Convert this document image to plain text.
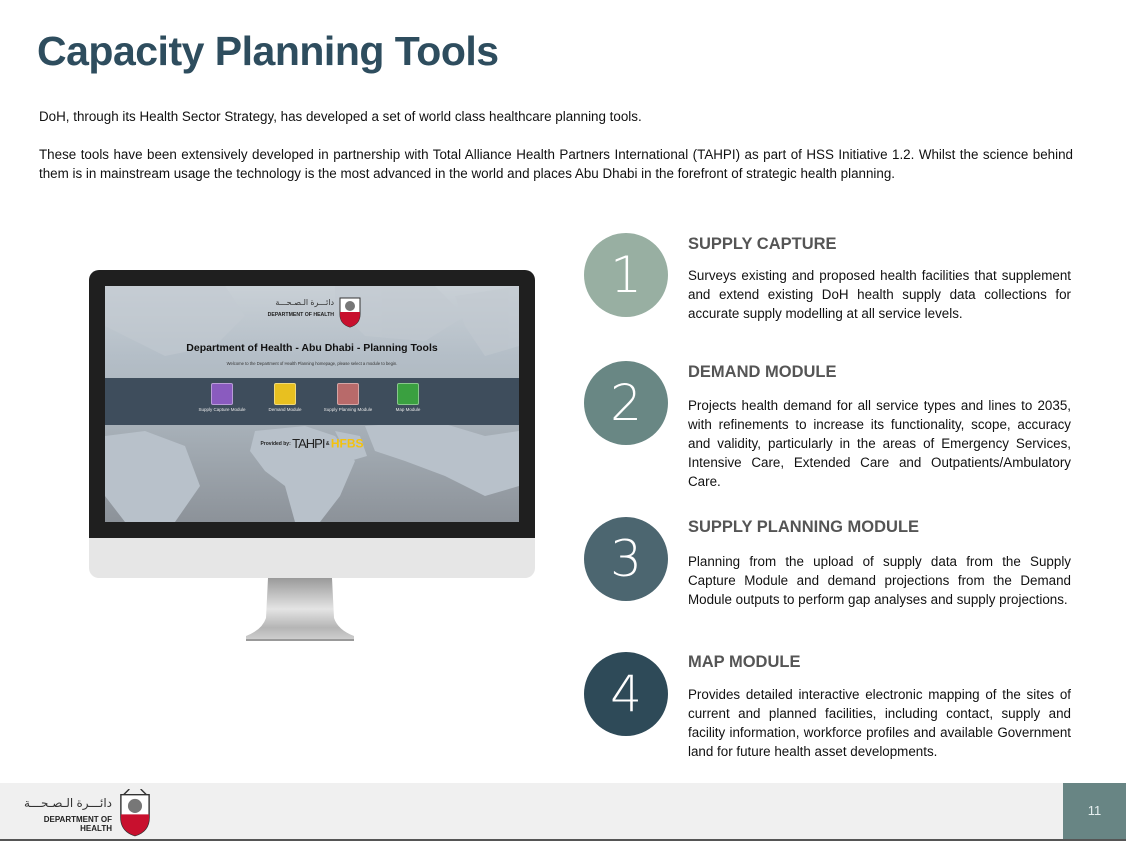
Capacity Planning Tools

DoH, through its Health Sector Strategy, has developed a set of world class healthcare planning tools.

These tools have been extensively developed in partnership with Total Alliance Health Partners International (TAHPI) as part of HSS Initiative 1.2. Whilst the science behind them is in mainstream usage the technology is the most advanced in the world and places Abu Dhabi in the forefront of strategic health planning.

دائـــرة الـصـحـــة
DEPARTMENT OF HEALTH
Department of Health - Abu Dhabi - Planning Tools
Welcome to the Department of Health Planning homepage, please select a module to begin.
Supply Capture Module	Demand Module	Supply Planning Module	Map Module
Provided by: TAHPI & HFBS
1
SUPPLY CAPTURE

Surveys existing and proposed health facilities that supplement and extend existing DoH health supply data collections for accurate supply modelling at all service levels.

2
DEMAND MODULE

Projects health demand for all service types and lines to 2035, with refinements to increase its functionality, scope, accuracy and validity, particularly in the areas of Emergency Services, Intensive Care, Extended Care and Outpatients/Ambulatory Care.

3
SUPPLY PLANNING MODULE

Planning from the upload of supply data from the Supply Capture Module and demand projections from the Demand Module outputs to perform gap analyses and supply projections.

4
MAP MODULE

Provides detailed interactive electronic mapping of the sites of current and planned facilities, including contact, supply and facility information, workforce profiles and available Government land for future health asset developments.

دائـــرة الـصـحـــة
DEPARTMENT OF HEALTH
11
